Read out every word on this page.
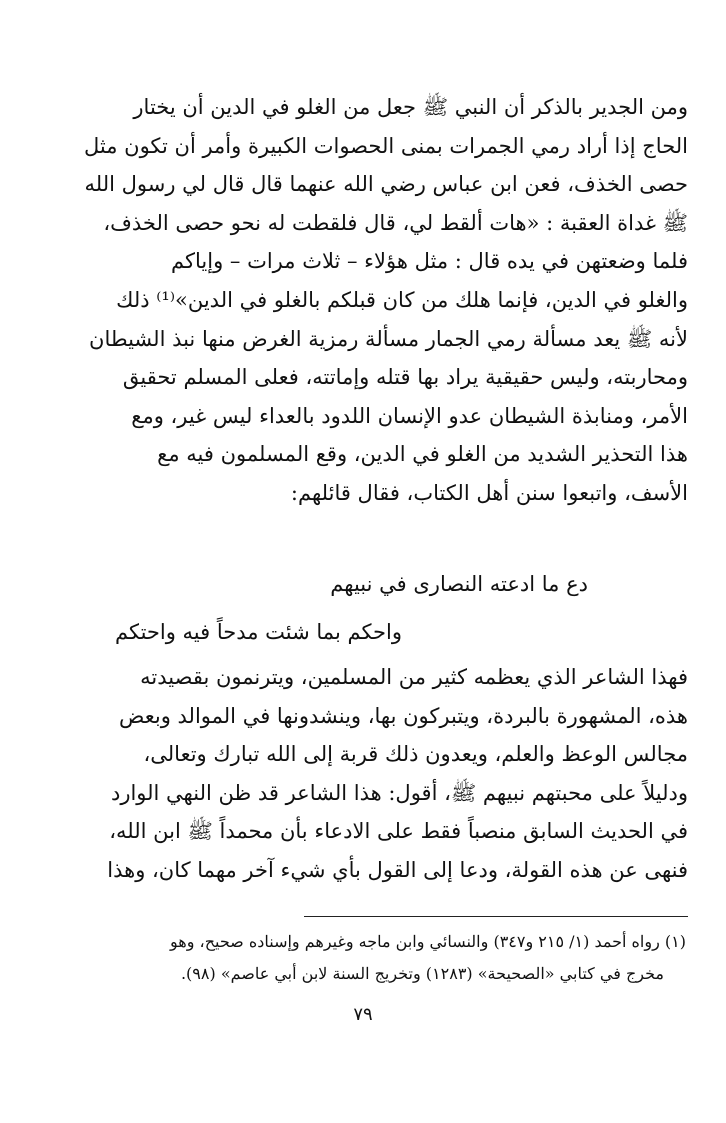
ومن الجدير بالذكر أن النبي ﷺ جعل من الغلو في الدين أن يختار
الحاج إذا أراد رمي الجمرات بمنى الحصوات الكبيرة وأمر أن تكون مثل
حصى الخذف، فعن ابن عباس رضي الله عنهما قال قال لي رسول الله
ﷺ غداة العقبة : «هات ألقط لي، قال فلقطت له نحو حصى الخذف،
فلما وضعتهن في يده قال : مثل هؤلاء – ثلاث مرات – وإياكم
والغلو في الدين، فإنما هلك من كان قبلكم بالغلو في الدين»⁽¹⁾ ذلك
لأنه ﷺ يعد مسألة رمي الجمار مسألة رمزية الغرض منها نبذ الشيطان
ومحاربته، وليس حقيقية يراد بها قتله وإماتته، فعلى المسلم تحقيق
الأمر، ومنابذة الشيطان عدو الإنسان اللدود بالعداء ليس غير، ومع
هذا التحذير الشديد من الغلو في الدين، وقع المسلمون فيه مع
الأسف، واتبعوا سنن أهل الكتاب، فقال قائلهم:
دع ما ادعته النصارى في نبيهم
واحكم بما شئت مدحاً فيه واحتكم
فهذا الشاعر الذي يعظمه كثير من المسلمين، ويترنمون بقصيدته
هذه، المشهورة بالبردة، ويتبركون بها، وينشدونها في الموالد وبعض
مجالس الوعظ والعلم، ويعدون ذلك قربة إلى الله تبارك وتعالى،
ودليلاً على محبتهم نبيهم ﷺ، أقول: هذا الشاعر قد ظن النهي الوارد
في الحديث السابق منصباً فقط على الادعاء بأن محمداً ﷺ ابن الله،
فنهى عن هذه القولة، ودعا إلى القول بأي شيء آخر مهما كان، وهذا
(١) رواه أحمد (١/ ٢١٥ و٣٤٧) والنسائي وابن ماجه وغيرهم وإسناده صحيح، وهو
مخرج في كتابي «الصحيحة» (١٢٨٣) وتخريج السنة لابن أبي عاصم» (٩٨).
٧٩
